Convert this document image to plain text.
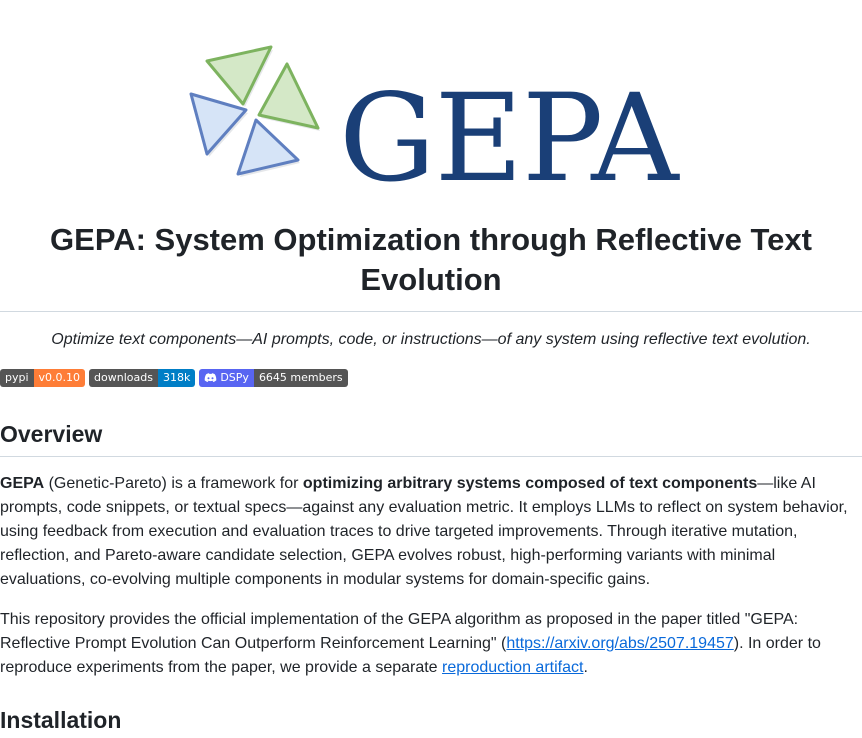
GEPA
GEPA: System Optimization through Reflective Text
Evolution
Optimize text components—AI prompts, code, or instructions—of any system using reflective text evolution.
pypi v0.0.10	downloads 318k	DSPy 6645 members
Overview

GEPA (Genetic-Pareto) is a framework for optimizing arbitrary systems composed of text components—like AI prompts, code snippets, or textual specs—against any evaluation metric. It employs LLMs to reflect on system behavior, using feedback from execution and evaluation traces to drive targeted improvements. Through iterative mutation, reflection, and Pareto-aware candidate selection, GEPA evolves robust, high-performing variants with minimal evaluations, co-evolving multiple components in modular systems for domain-specific gains.

This repository provides the official implementation of the GEPA algorithm as proposed in the paper titled "GEPA: Reflective Prompt Evolution Can Outperform Reinforcement Learning" (https://arxiv.org/abs/2507.19457). In order to reproduce experiments from the paper, we provide a separate reproduction artifact.

Installation
